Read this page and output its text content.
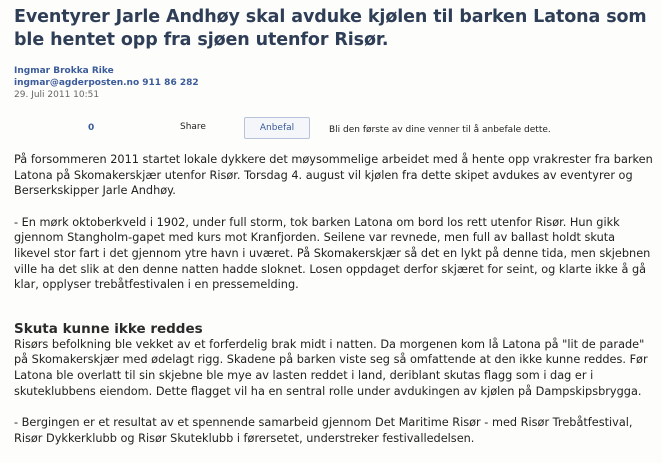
Eventyrer Jarle Andhøy skal avduke kjølen til barken Latona som ble hentet opp fra sjøen utenfor Risør.
Ingmar Brokka Rike
ingmar@agderposten.no 911 86 282
29. Juli 2011 10:51
0	Share	Anbefal	Bli den første av dine venner til å anbefale dette.

På forsommeren 2011 startet lokale dykkere det møysommelige arbeidet med å hente opp vrakrester fra barken Latona på Skomakerskjær utenfor Risør. Torsdag 4. august vil kjølen fra dette skipet avdukes av eventyrer og Berserkskipper Jarle Andhøy.

- En mørk oktoberkveld i 1902, under full storm, tok barken Latona om bord los rett utenfor Risør. Hun gikk gjennom Stangholm-gapet med kurs mot Kranfjorden. Seilene var revnede, men full av ballast holdt skuta likevel stor fart i det gjennom ytre havn i uværet. På Skomakerskjær så det en lykt på denne tida, men skjebnen ville ha det slik at den denne natten hadde sloknet. Losen oppdaget derfor skjæret for seint, og klarte ikke å gå klar, opplyser trebåtfestivalen i en pressemelding.

Skuta kunne ikke reddes

Risørs befolkning ble vekket av et forferdelig brak midt i natten. Da morgenen kom lå Latona på "lit de parade" på Skomakerskjær med ødelagt rigg. Skadene på barken viste seg så omfattende at den ikke kunne reddes. Før Latona ble overlatt til sin skjebne ble mye av lasten reddet i land, deriblant skutas flagg som i dag er i skuteklubbens eiendom. Dette flagget vil ha en sentral rolle under avdukingen av kjølen på Dampskipsbrygga.

- Bergingen er et resultat av et spennende samarbeid gjennom Det Maritime Risør - med Risør Trebåtfestival, Risør Dykkerklubb og Risør Skuteklubb i førersetet, understreker festivalledelsen.
